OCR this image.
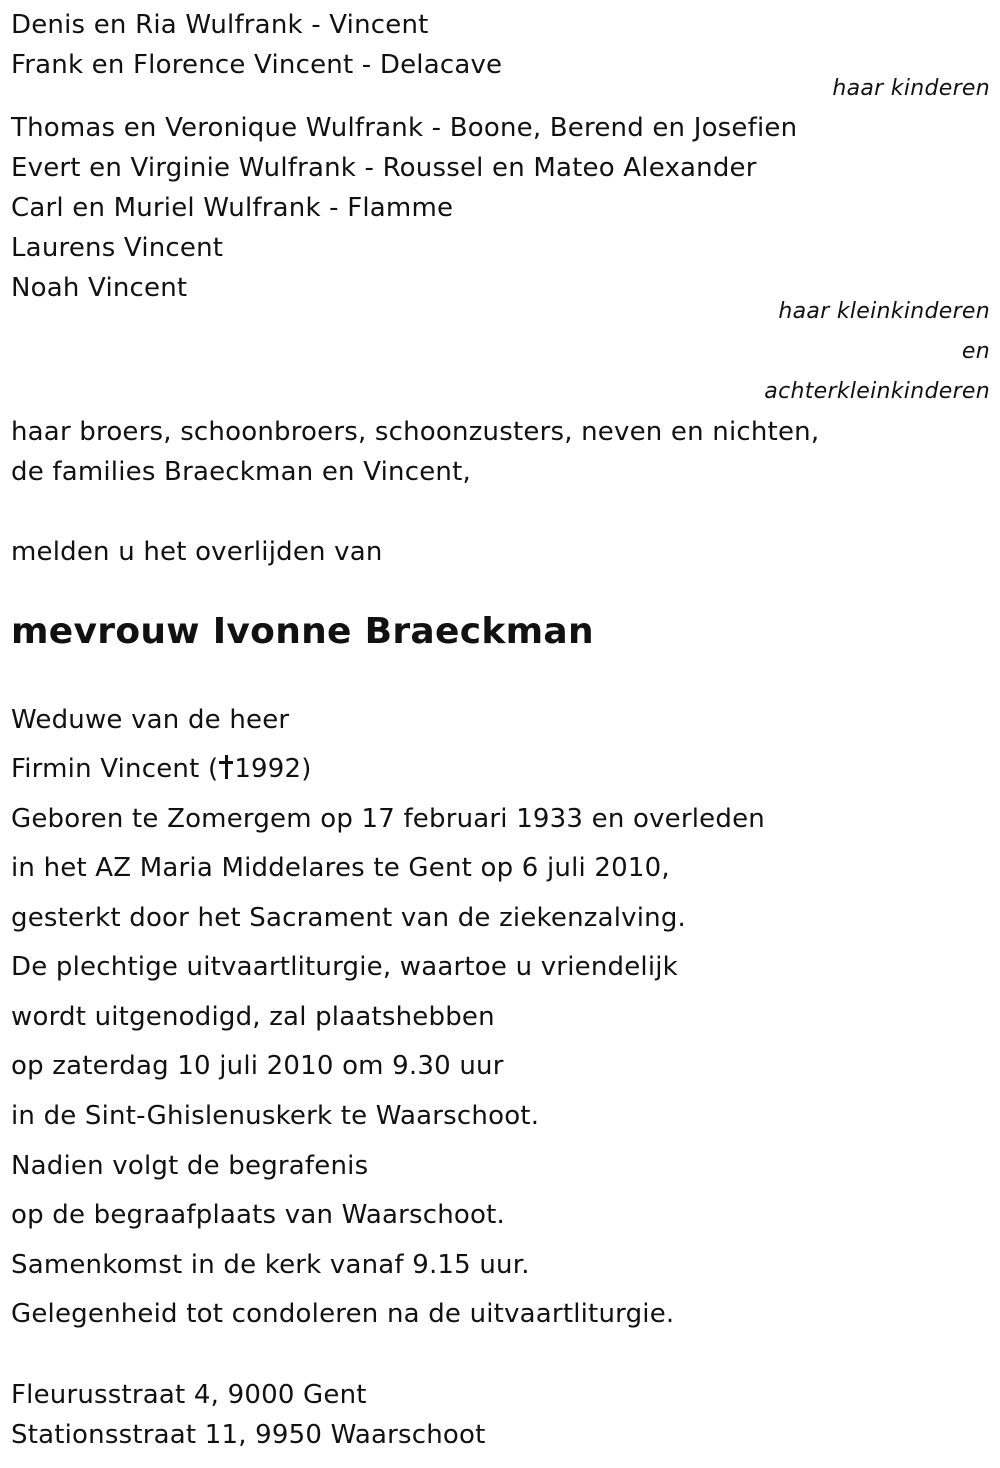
Denis en Ria Wulfrank - Vincent
Frank en Florence Vincent - Delacave
haar kinderen
Thomas en Veronique Wulfrank - Boone, Berend en Josefien
Evert en Virginie Wulfrank - Roussel en Mateo Alexander
Carl en Muriel Wulfrank - Flamme
Laurens Vincent
Noah Vincent
haar kleinkinderen
en
achterkleinkinderen
haar broers, schoonbroers, schoonzusters, neven en nichten,
de families Braeckman en Vincent,
melden u het overlijden van
mevrouw Ivonne Braeckman
Weduwe van de heer
Firmin Vincent ( 1992)
Geboren te Zomergem op 17 februari 1933 en overleden
in het AZ Maria Middelares te Gent op 6 juli 2010,
gesterkt door het Sacrament van de ziekenzalving.
De plechtige uitvaartliturgie, waartoe u vriendelijk
wordt uitgenodigd, zal plaatshebben
op zaterdag 10 juli 2010 om 9.30 uur
in de Sint-Ghislenuskerk te Waarschoot.
Nadien volgt de begrafenis
op de begraafplaats van Waarschoot.
Samenkomst in de kerk vanaf 9.15 uur.
Gelegenheid tot condoleren na de uitvaartliturgie.
Fleurusstraat 4, 9000 Gent
Stationsstraat 11, 9950 Waarschoot
